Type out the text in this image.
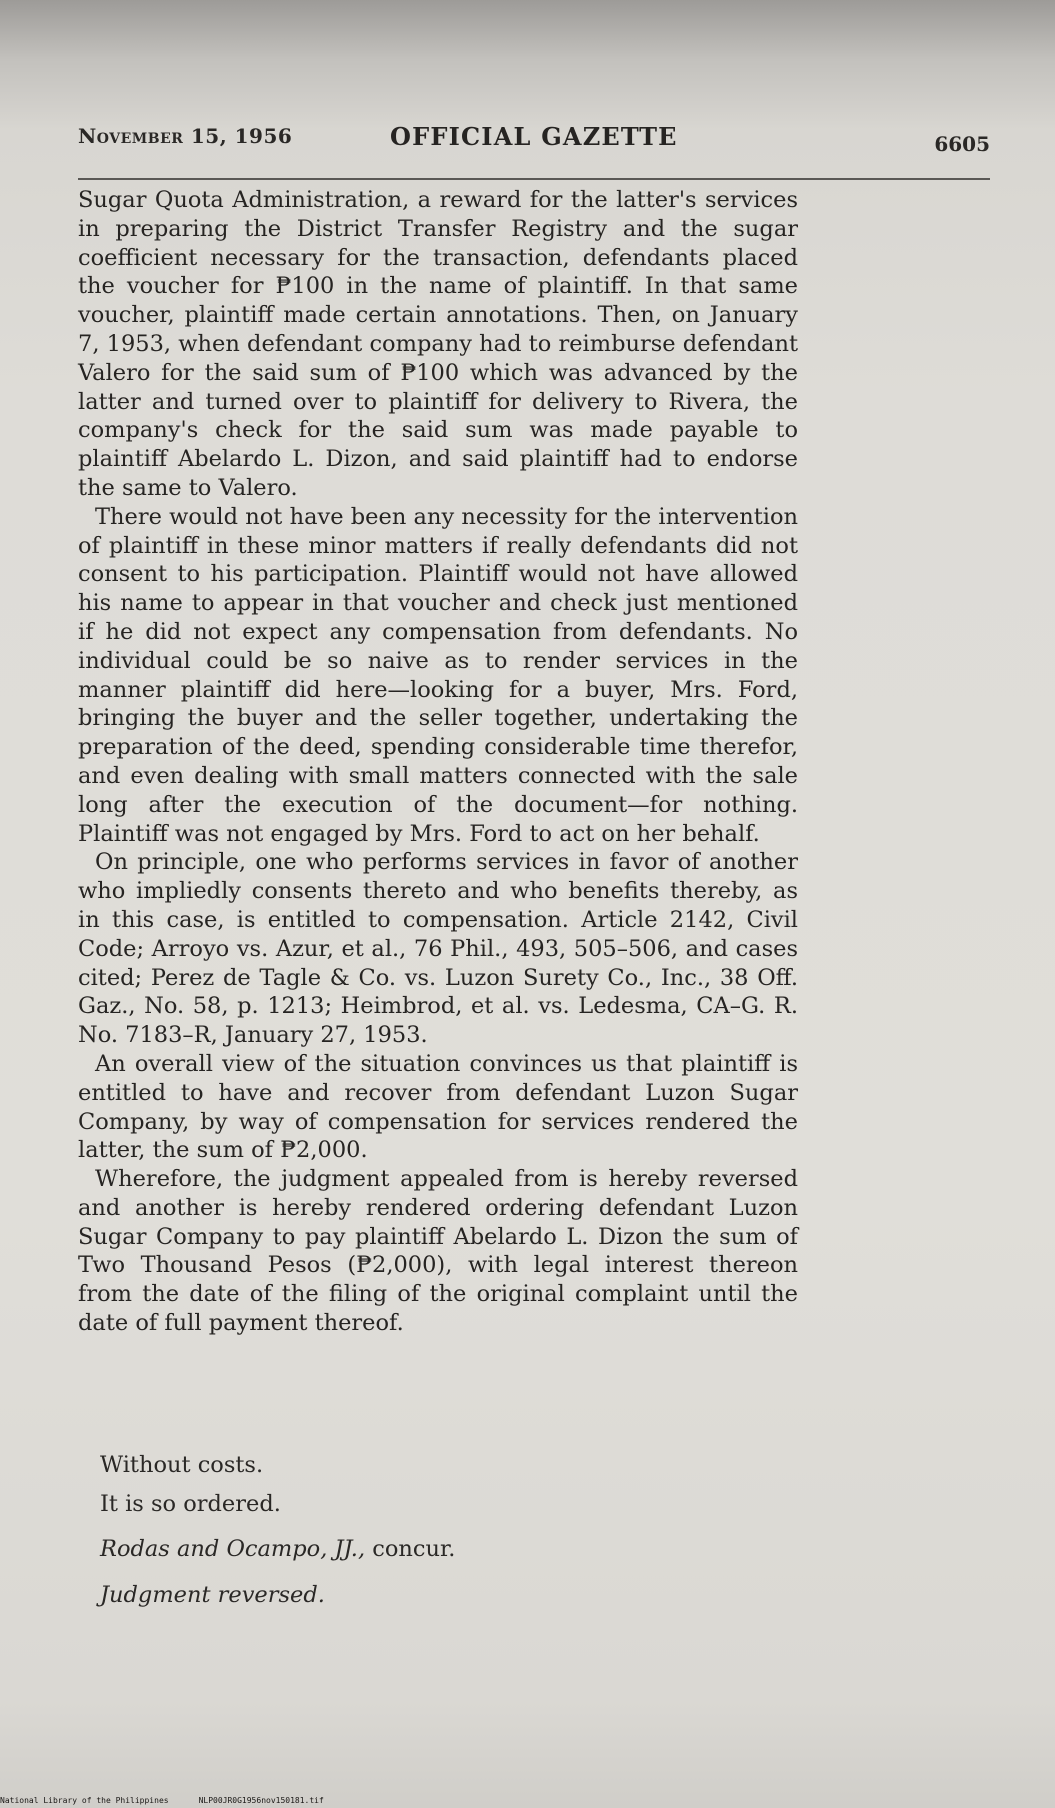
November 15, 1956	OFFICIAL GAZETTE	6605

Sugar Quota Administration, a reward for the latter's services in preparing the District Transfer Registry and the sugar coefficient necessary for the transaction, defendants placed the voucher for ₱100 in the name of plaintiff. In that same voucher, plaintiff made certain annotations. Then, on January 7, 1953, when defendant company had to reimburse defendant Valero for the said sum of ₱100 which was advanced by the latter and turned over to plaintiff for delivery to Rivera, the company's check for the said sum was made payable to plaintiff Abelardo L. Dizon, and said plaintiff had to endorse the same to Valero.

There would not have been any necessity for the intervention of plaintiff in these minor matters if really defendants did not consent to his participation. Plaintiff would not have allowed his name to appear in that voucher and check just mentioned if he did not expect any compensation from defendants. No individual could be so naive as to render services in the manner plaintiff did here—looking for a buyer, Mrs. Ford, bringing the buyer and the seller together, undertaking the preparation of the deed, spending considerable time therefor, and even dealing with small matters connected with the sale long after the execution of the document—for nothing. Plaintiff was not engaged by Mrs. Ford to act on her behalf.

On principle, one who performs services in favor of another who impliedly consents thereto and who benefits thereby, as in this case, is entitled to compensation. Article 2142, Civil Code; Arroyo vs. Azur, et al., 76 Phil., 493, 505–506, and cases cited; Perez de Tagle & Co. vs. Luzon Surety Co., Inc., 38 Off. Gaz., No. 58, p. 1213; Heimbrod, et al. vs. Ledesma, CA–G. R. No. 7183–R, January 27, 1953.

An overall view of the situation convinces us that plaintiff is entitled to have and recover from defendant Luzon Sugar Company, by way of compensation for services rendered the latter, the sum of ₱2,000.

Wherefore, the judgment appealed from is hereby reversed and another is hereby rendered ordering defendant Luzon Sugar Company to pay plaintiff Abelardo L. Dizon the sum of Two Thousand Pesos (₱2,000), with legal interest thereon from the date of the filing of the original complaint until the date of full payment thereof.

Without costs.
It is so ordered.
Rodas and Ocampo, JJ., concur.
Judgment reversed.
National Library of the Philippines	NLP00JR0G1956nov150181.tif
